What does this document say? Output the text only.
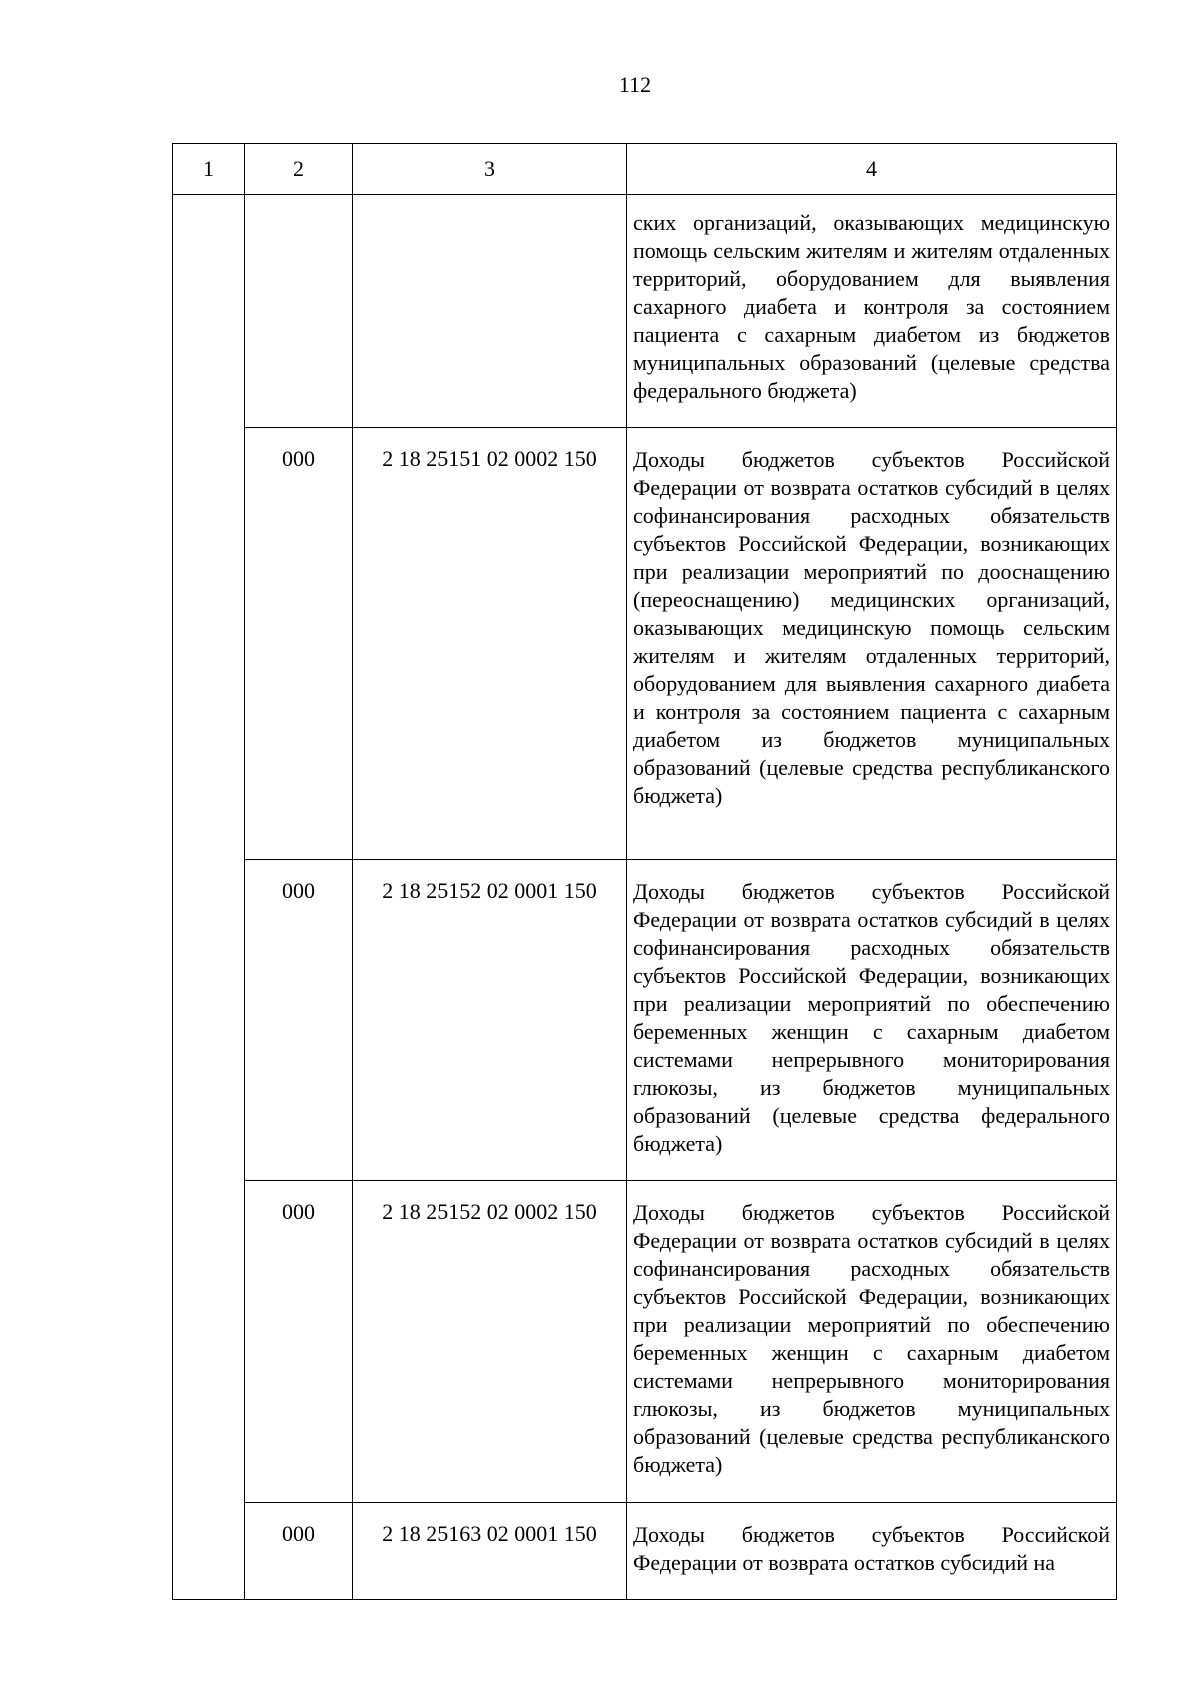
112
1	2	3	4
			ских организаций, оказывающих медицинскую помощь сельским жителям и жителям отдаленных территорий, оборудованием для выявления сахарного диабета и контроля за состоянием пациента с сахарным диабетом из бюджетов муниципальных образований (целевые средства федерального бюджета)
	000	2 18 25151 02 0002 150	Доходы бюджетов субъектов Российской Федерации от возврата остатков субсидий в целях софинансирования расходных обязательств субъектов Российской Федерации, возникающих при реализации мероприятий по дооснащению (переоснащению) медицинских организаций, оказывающих медицинскую помощь сельским жителям и жителям отдаленных территорий, оборудованием для выявления сахарного диабета и контроля за состоянием пациента с сахарным диабетом из бюджетов муниципальных образований (целевые средства республиканского бюджета)
	000	2 18 25152 02 0001 150	Доходы бюджетов субъектов Российской Федерации от возврата остатков субсидий в целях софинансирования расходных обязательств субъектов Российской Федерации, возникающих при реализации мероприятий по обеспечению беременных женщин с сахарным диабетом системами непрерывного мониторирования глюкозы, из бюджетов муниципальных образований (целевые средства федерального бюджета)
	000	2 18 25152 02 0002 150	Доходы бюджетов субъектов Российской Федерации от возврата остатков субсидий в целях софинансирования расходных обязательств субъектов Российской Федерации, возникающих при реализации мероприятий по обеспечению беременных женщин с сахарным диабетом системами непрерывного мониторирования глюкозы, из бюджетов муниципальных образований (целевые средства республиканского бюджета)
	000	2 18 25163 02 0001 150	Доходы бюджетов субъектов Российской Федерации от возврата остатков субсидий на
